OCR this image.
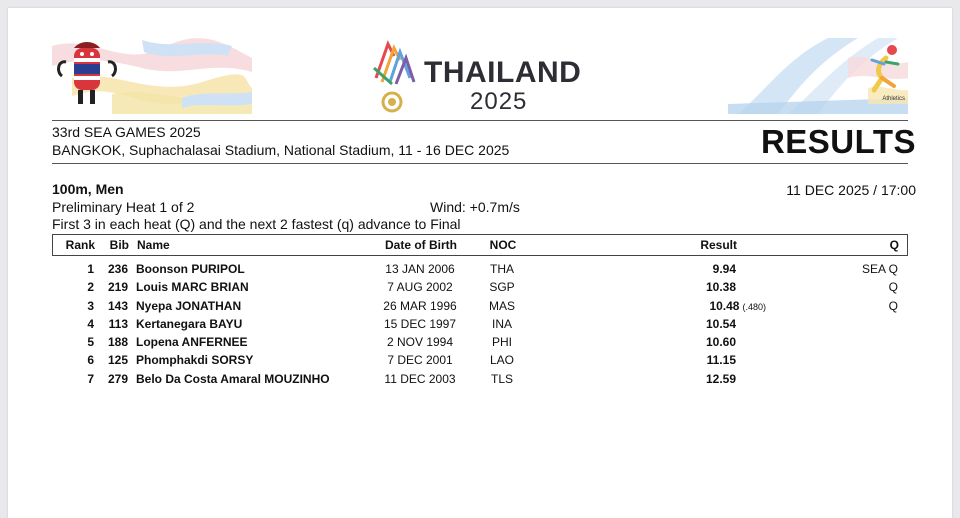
THAILAND
2025	Athletics
33rd SEA GAMES 2025
BANGKOK, Suphachalasai Stadium, National Stadium, 11 - 16 DEC 2025	RESULTS
100m, Men	11 DEC 2025 / 17:00
Preliminary Heat 1 of 2	Wind: +0.7m/s
First 3 in each heat (Q) and the next 2 fastest (q) advance to Final
Rank	Bib Name	Date of Birth	NOC	Result	Q
1	236 Boonson PURIPOL	13 JAN 2006	THA	9.94	SEA Q
2	219 Louis MARC BRIAN	7 AUG 2002	SGP	10.38	Q
3	143 Nyepa JONATHAN	26 MAR 1996	MAS	10.48 (.480)	Q
4	113 Kertanegara BAYU	15 DEC 1997	INA	10.54
5	188 Lopena ANFERNEE	2 NOV 1994	PHI	10.60
6	125 Phomphakdi SORSY	7 DEC 2001	LAO	11.15
7	279 Belo Da Costa Amaral MOUZINHO	11 DEC 2003	TLS	12.59
